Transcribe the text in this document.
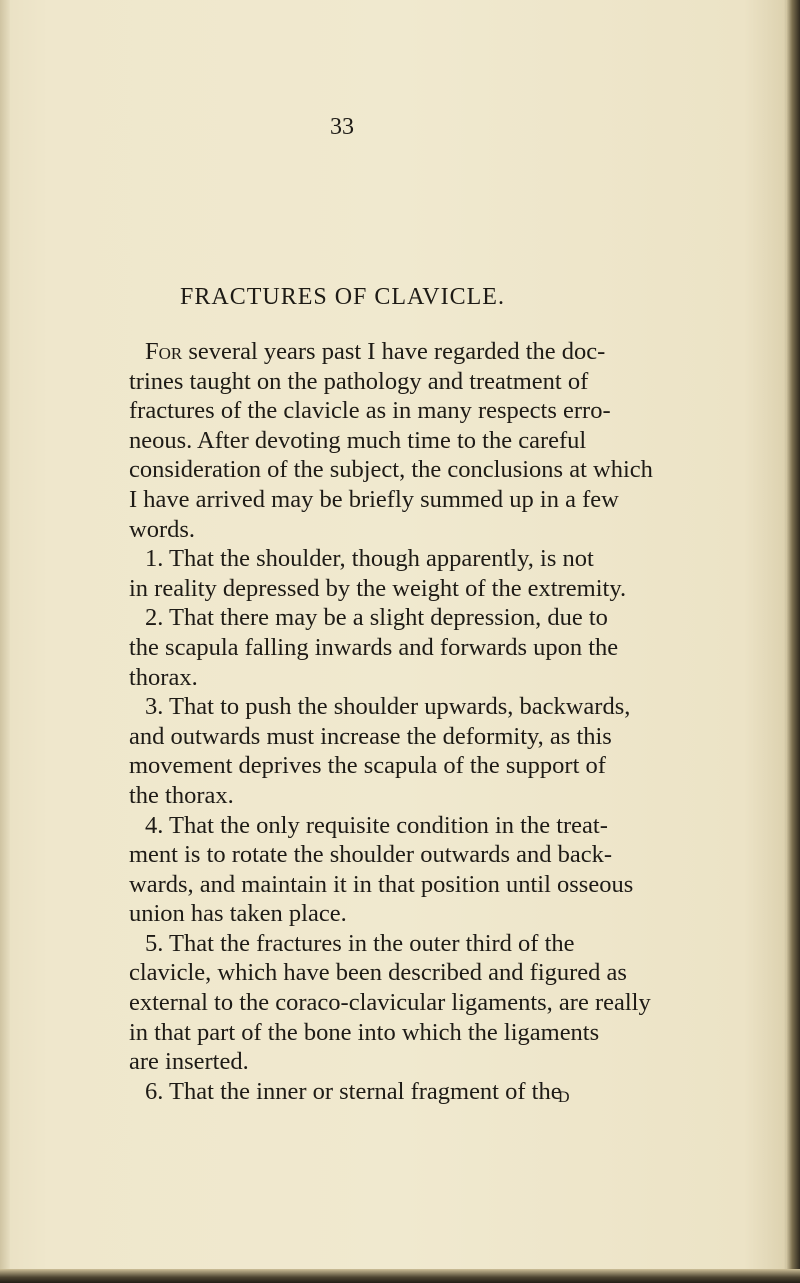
33
FRACTURES OF CLAVICLE.
For several years past I have regarded the doc-
trines taught on the pathology and treatment of
fractures of the clavicle as in many respects erro-
neous. After devoting much time to the careful
consideration of the subject, the conclusions at which
I have arrived may be briefly summed up in a few
words.
1. That the shoulder, though apparently, is not
in reality depressed by the weight of the extremity.
2. That there may be a slight depression, due to
the scapula falling inwards and forwards upon the
thorax.
3. That to push the shoulder upwards, backwards,
and outwards must increase the deformity, as this
movement deprives the scapula of the support of
the thorax.
4. That the only requisite condition in the treat-
ment is to rotate the shoulder outwards and back-
wards, and maintain it in that position until osseous
union has taken place.
5. That the fractures in the outer third of the
clavicle, which have been described and figured as
external to the coraco-clavicular ligaments, are really
in that part of the bone into which the ligaments
are inserted.
6. That the inner or sternal fragment of the
D
